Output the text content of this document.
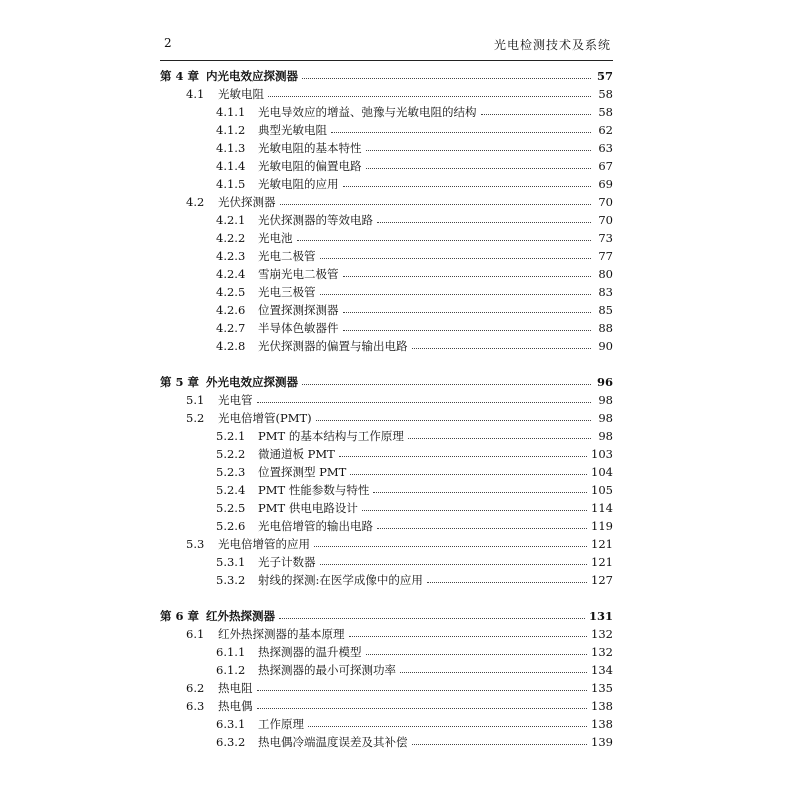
2	光电检测技术及系统
第 4 章 内光电效应探测器	57
4.1	光敏电阻	58
4.1.1	光电导效应的增益、弛豫与光敏电阻的结构	58
4.1.2	典型光敏电阻	62
4.1.3	光敏电阻的基本特性	63
4.1.4	光敏电阻的偏置电路	67
4.1.5	光敏电阻的应用	69
4.2	光伏探测器	70
4.2.1	光伏探测器的等效电路	70
4.2.2	光电池	73
4.2.3	光电二极管	77
4.2.4	雪崩光电二极管	80
4.2.5	光电三极管	83
4.2.6	位置探测探测器	85
4.2.7	半导体色敏器件	88
4.2.8	光伏探测器的偏置与输出电路	90
第 5 章 外光电效应探测器	96
5.1	光电管	98
5.2	光电倍增管(PMT)	98
5.2.1	PMT 的基本结构与工作原理	98
5.2.2	微通道板 PMT	103
5.2.3	位置探测型 PMT	104
5.2.4	PMT 性能参数与特性	105
5.2.5	PMT 供电电路设计	114
5.2.6	光电倍增管的输出电路	119
5.3	光电倍增管的应用	121
5.3.1	光子计数器	121
5.3.2	射线的探测:在医学成像中的应用	127
第 6 章 红外热探测器	131
6.1	红外热探测器的基本原理	132
6.1.1	热探测器的温升模型	132
6.1.2	热探测器的最小可探测功率	134
6.2	热电阻	135
6.3	热电偶	138
6.3.1	工作原理	138
6.3.2	热电偶冷端温度误差及其补偿	139
